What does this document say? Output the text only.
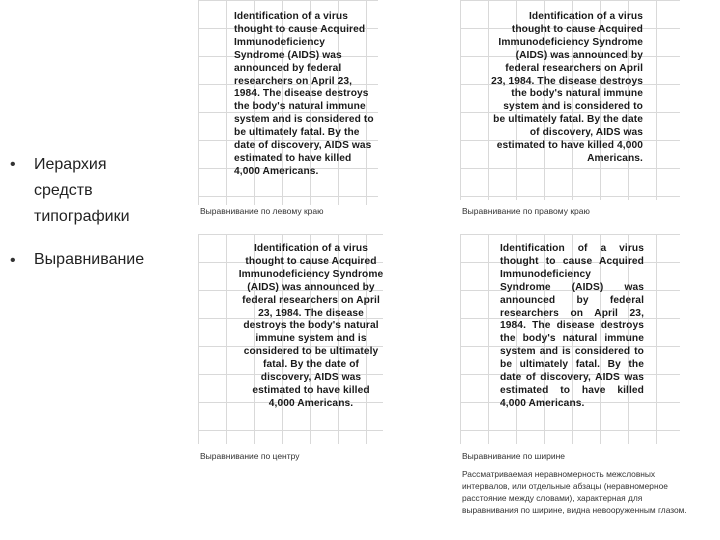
• Иерархия
средств
типографики
• Выравнивание
Identification of a virus thought to cause Acquired Immunodeficiency Syndrome (AIDS) was announced by federal researchers on April 23, 1984. The disease destroys the body's natural immune system and is considered to be ultimately fatal. By the date of discovery, AIDS was estimated to have killed 4,000 Americans.
Выравнивание по левому краю
Identification of a virus thought to cause Acquired Immunodeficiency Syndrome (AIDS) was announced by federal researchers on April 23, 1984. The disease destroys the body's natural immune system and is considered to be ultimately fatal. By the date of discovery, AIDS was estimated to have killed 4,000 Americans.
Выравнивание по правому краю
Identification of a virus thought to cause Acquired Immunodeficiency Syndrome (AIDS) was announced by federal researchers on April 23, 1984. The disease destroys the body's natural immune system and is considered to be ultimately fatal. By the date of discovery, AIDS was estimated to have killed 4,000 Americans.
Выравнивание по центру
Identification of a virus thought to cause Acquired Immunodeficiency Syndrome (AIDS) was announced by federal researchers on April 23, 1984. The disease destroys the body's natural immune system and is considered to be ultimately fatal. By the date of discovery, AIDS was estimated to have killed 4,000 Americans.
Выравнивание по ширине
Рассматриваемая неравномерность межсловных интервалов, или отдельные абзацы (неравномерное расстояние между словами), характерная для выравнивания по ширине, видна невооруженным глазом.
